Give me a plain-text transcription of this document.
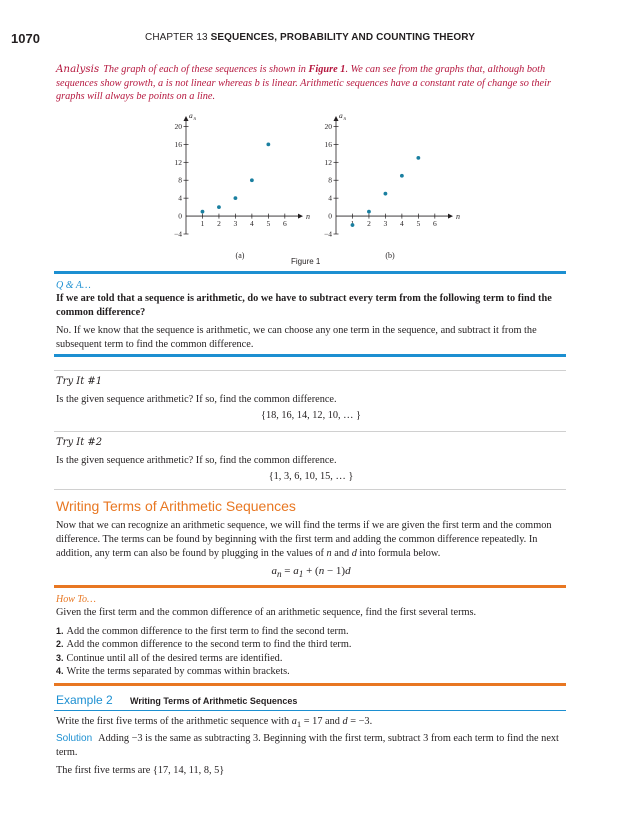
1070	CHAPTER 13 SEQUENCES, PROBABILITY AND COUNTING THEORY
Analysis The graph of each of these sequences is shown in Figure 1. We can see from the graphs that, although both sequences show growth, a is not linear whereas b is linear. Arithmetic sequences have a constant rate of change so their graphs will always be points on a line.
−4
0
4
8
12
16
20
1 2 3 4 5 6
a n
n
(a)
−4
0
4
8
12
16
20
2 3 4 5 6
a n
n
(b)
Figure 1
Q & A…
If we are told that a sequence is arithmetic, do we have to subtract every term from the following term to find the common difference?
No. If we know that the sequence is arithmetic, we can choose any one term in the sequence, and subtract it from the subsequent term to find the common difference.
Try It #1
Is the given sequence arithmetic? If so, find the common difference.
{18, 16, 14, 12, 10, … }
Try It #2
Is the given sequence arithmetic? If so, find the common difference.
{1, 3, 6, 10, 15, … }
Writing Terms of Arithmetic Sequences
Now that we can recognize an arithmetic sequence, we will find the terms if we are given the first term and the common difference. The terms can be found by beginning with the first term and adding the common difference repeatedly. In addition, any term can also be found by plugging in the values of n and d into formula below.
$a_n = a_1 + (n - 1)d$
How To…
Given the first term and the common difference of an arithmetic sequence, find the first several terms.
1. Add the common difference to the first term to find the second term.
2. Add the common difference to the second term to find the third term.
3. Continue until all of the desired terms are identified.
4. Write the terms separated by commas within brackets.
Example 2 Writing Terms of Arithmetic Sequences
Write the first five terms of the arithmetic sequence with $a_1 = 17$ and d = −3.
Solution Adding −3 is the same as subtracting 3. Beginning with the first term, subtract 3 from each term to find the next term.
The first five terms are {17, 14, 11, 8, 5}
